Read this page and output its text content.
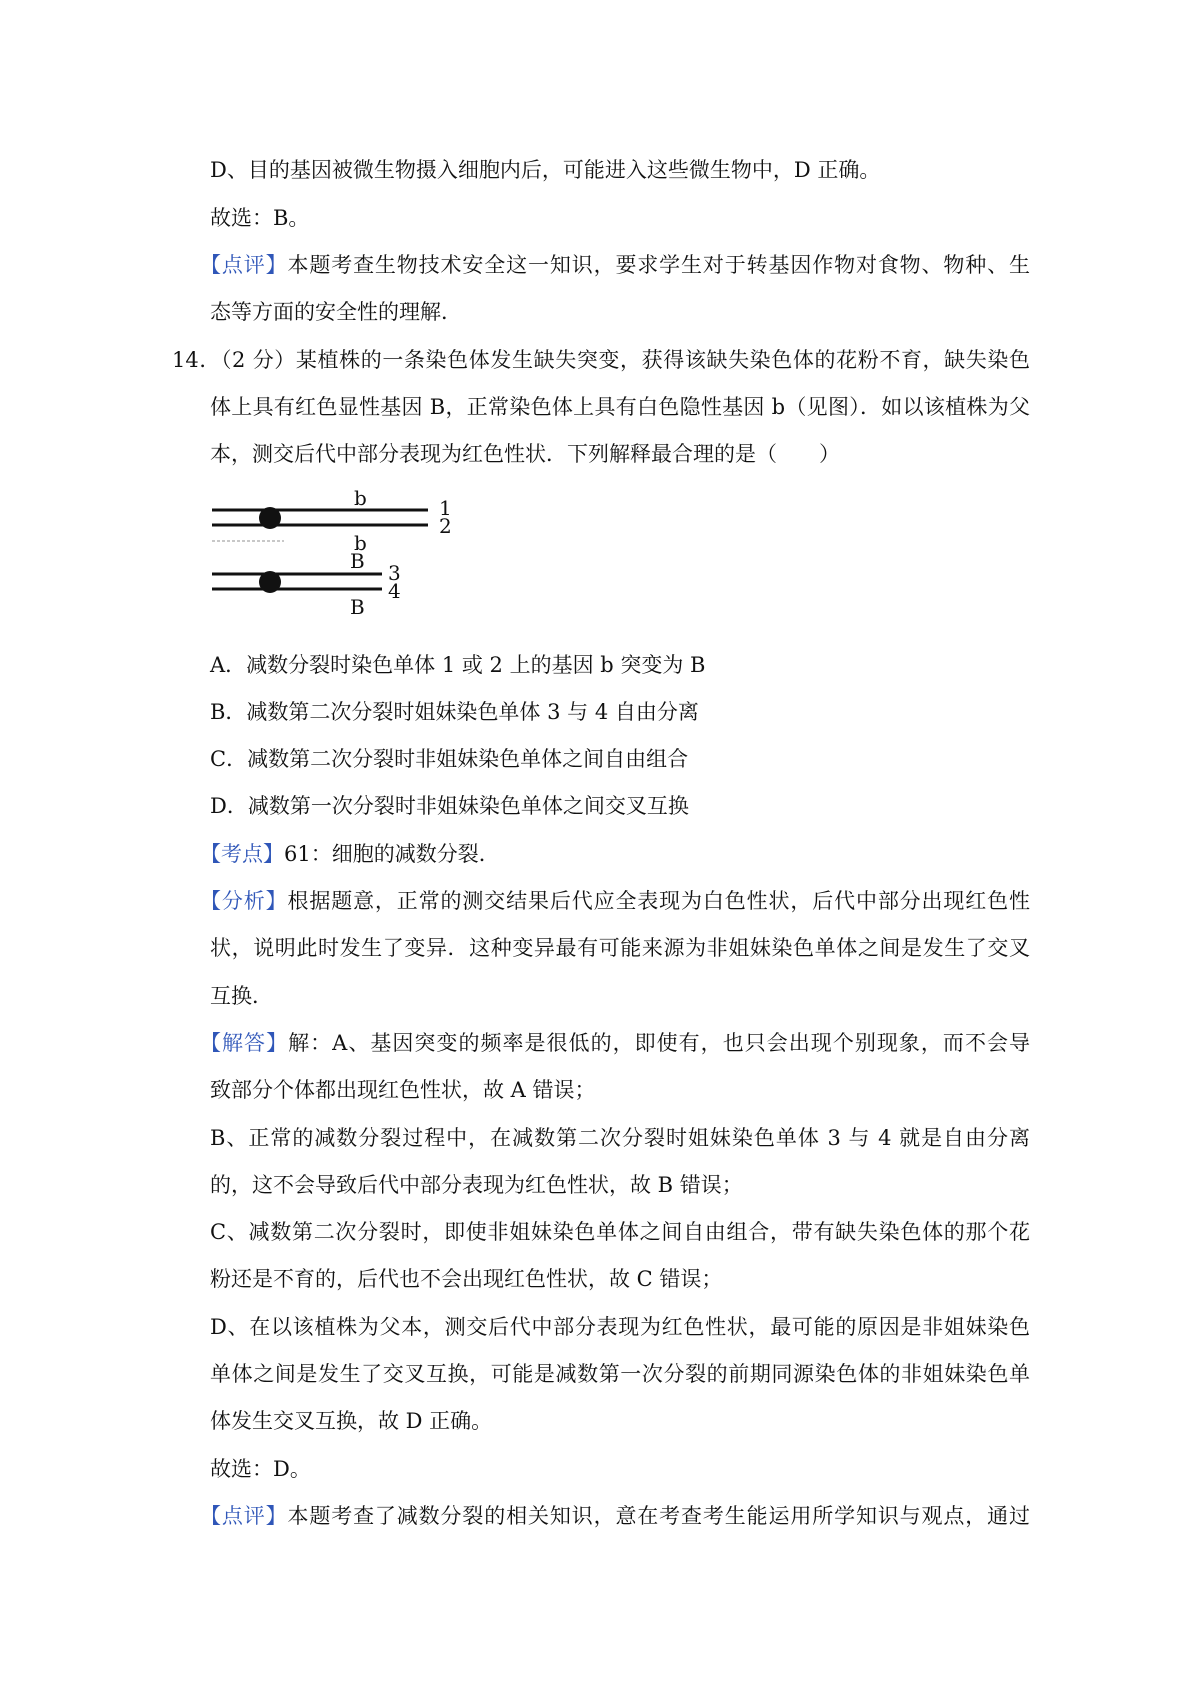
D、目的基因被微生物摄入细胞内后，可能进入这些微生物中，D 正确。
故选：B。
【点评】本题考查生物技术安全这一知识，要求学生对于转基因作物对食物、物种、生
态等方面的安全性的理解．
14．（2 分）某植株的一条染色体发生缺失突变，获得该缺失染色体的花粉不育，缺失染色
体上具有红色显性基因 B，正常染色体上具有白色隐性基因 b（见图）．如以该植株为父
本，测交后代中部分表现为红色性状．下列解释最合理的是（　　）
b
b
1
2
B
B
3
4
A．减数分裂时染色单体 1 或 2 上的基因 b 突变为 B
B．减数第二次分裂时姐妹染色单体 3 与 4 自由分离
C．减数第二次分裂时非姐妹染色单体之间自由组合
D．减数第一次分裂时非姐妹染色单体之间交叉互换
【考点】61：细胞的减数分裂．
【分析】根据题意，正常的测交结果后代应全表现为白色性状，后代中部分出现红色性
状，说明此时发生了变异．这种变异最有可能来源为非姐妹染色单体之间是发生了交叉
互换．
【解答】解：A、基因突变的频率是很低的，即使有，也只会出现个别现象，而不会导
致部分个体都出现红色性状，故 A 错误；
B、正常的减数分裂过程中，在减数第二次分裂时姐妹染色单体 3 与 4 就是自由分离
的，这不会导致后代中部分表现为红色性状，故 B 错误；
C、减数第二次分裂时，即使非姐妹染色单体之间自由组合，带有缺失染色体的那个花
粉还是不育的，后代也不会出现红色性状，故 C 错误；
D、在以该植株为父本，测交后代中部分表现为红色性状，最可能的原因是非姐妹染色
单体之间是发生了交叉互换，可能是减数第一次分裂的前期同源染色体的非姐妹染色单
体发生交叉互换，故 D 正确。
故选：D。
【点评】本题考查了减数分裂的相关知识，意在考查考生能运用所学知识与观点，通过
